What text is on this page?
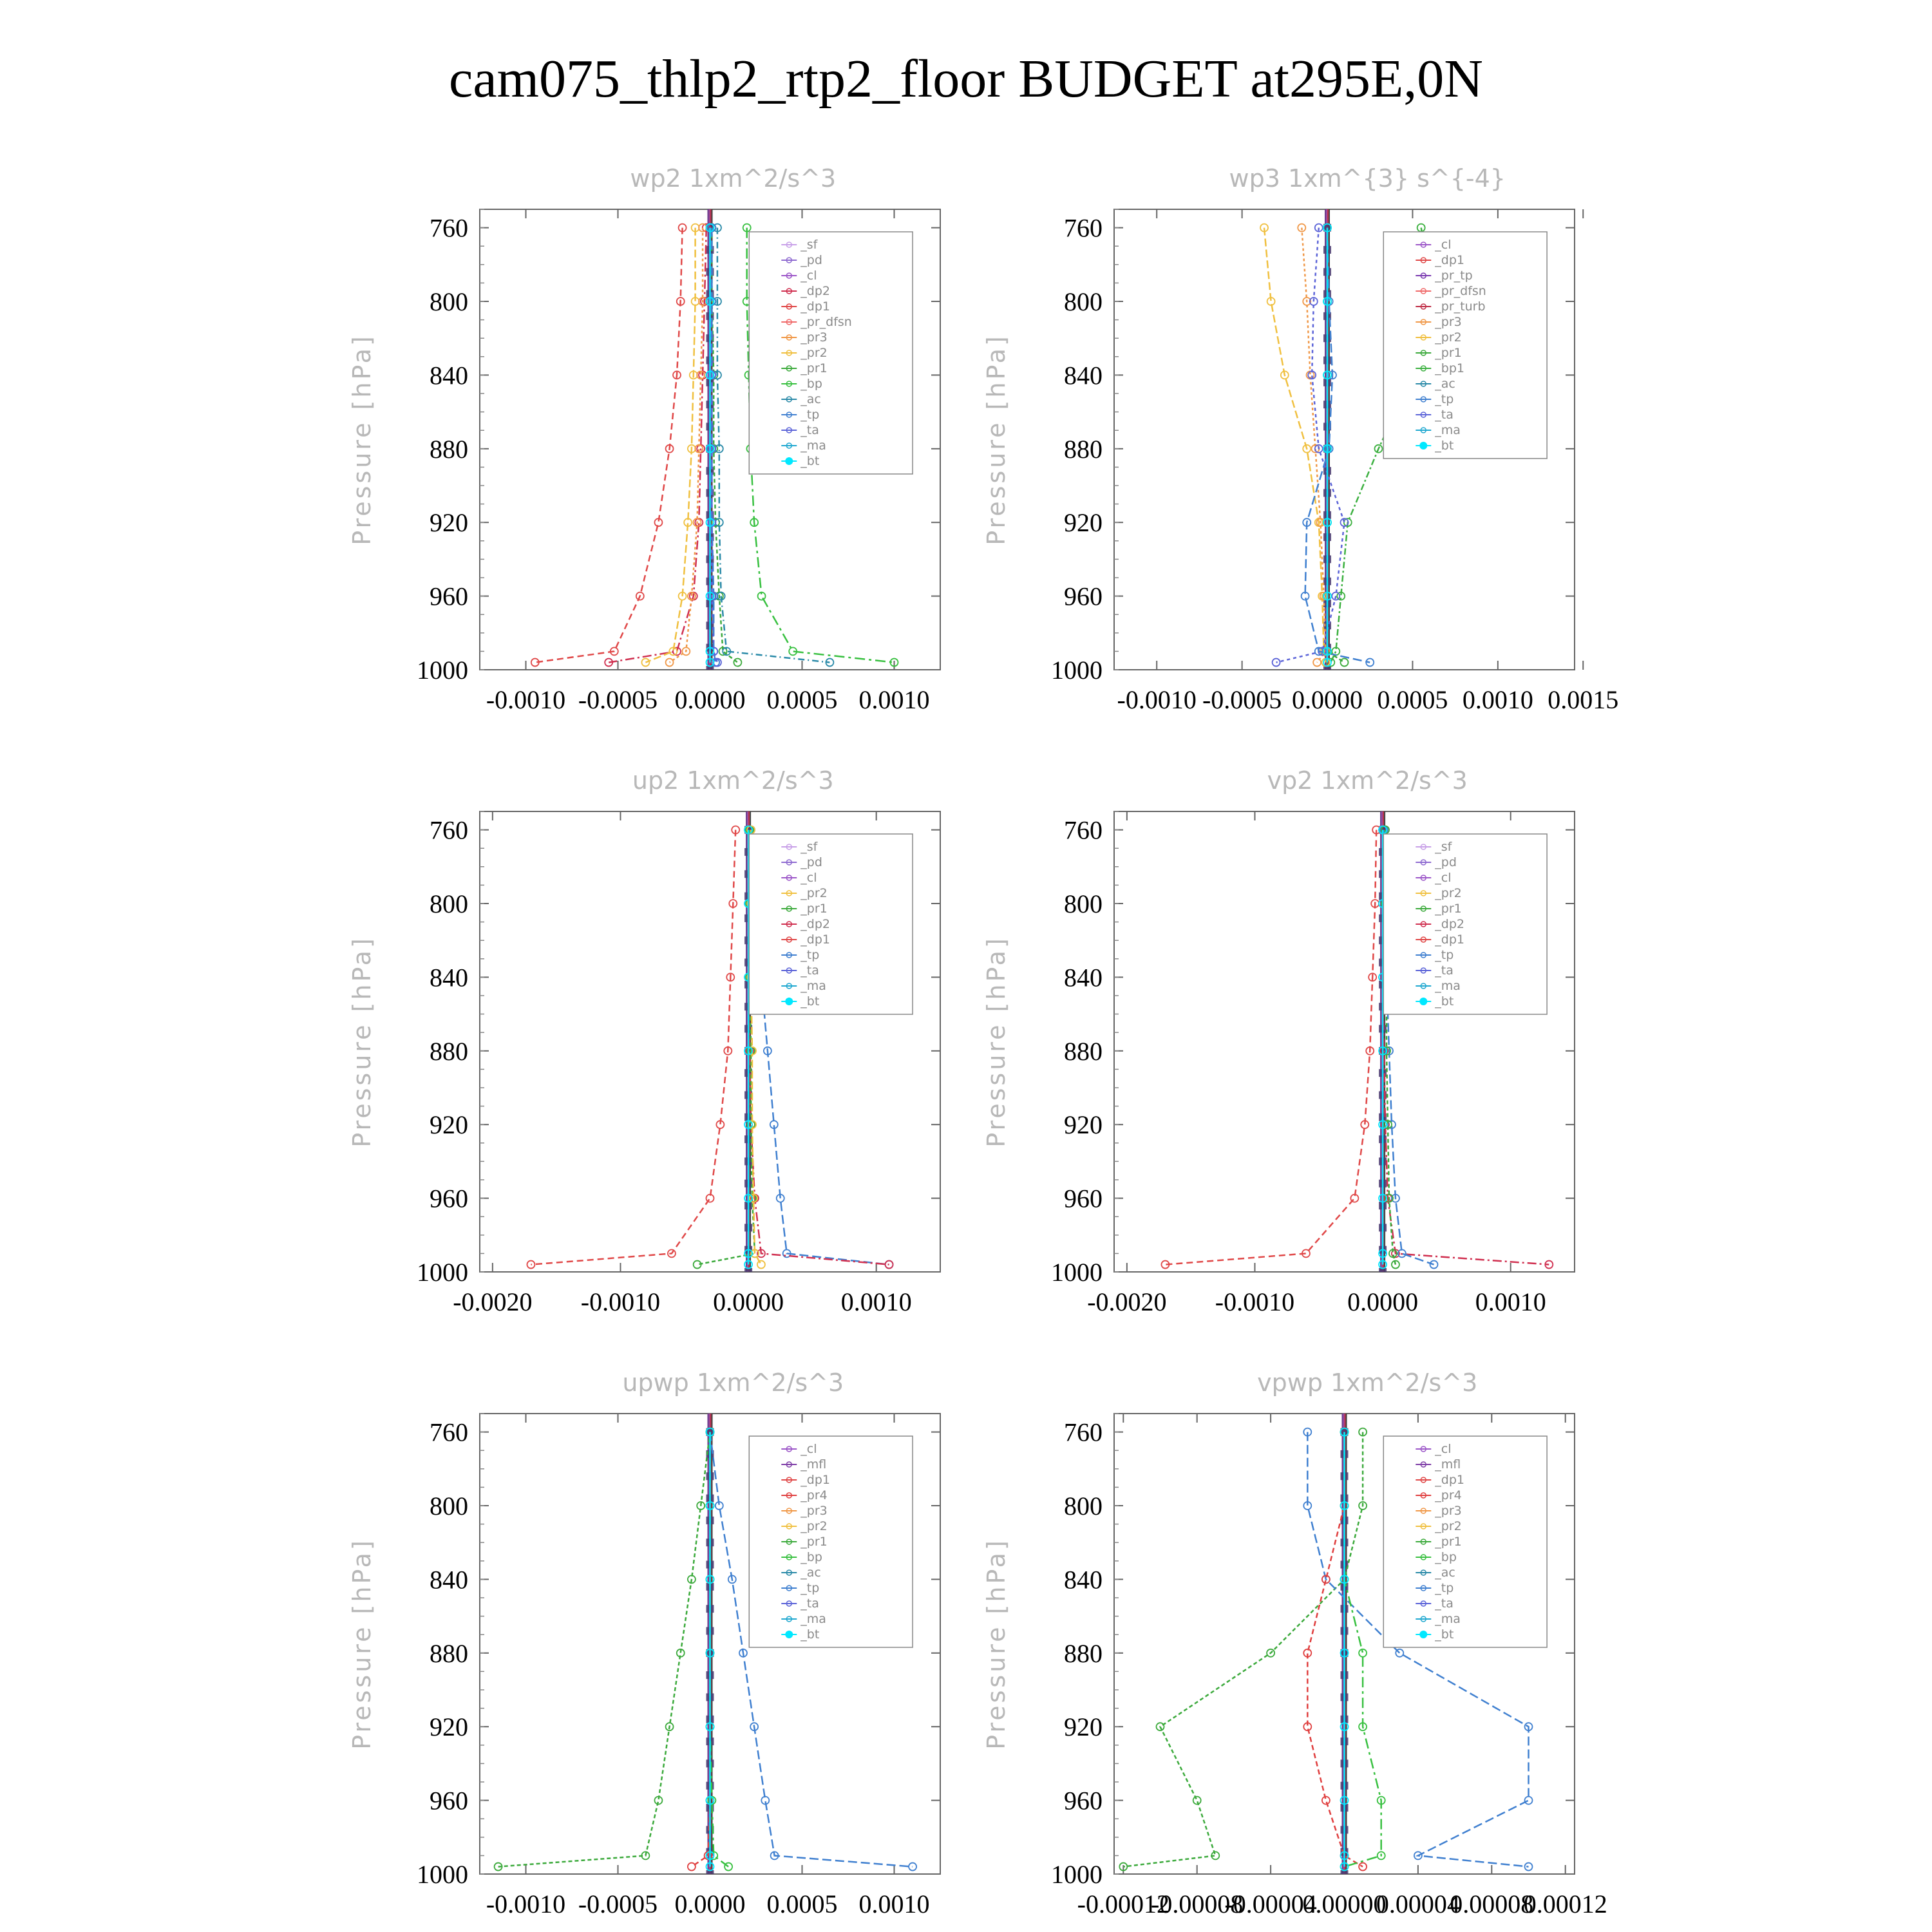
cam075_thlp2_rtp2_floor BUDGET at295E,0N
wp2 1xm^2/s^3
Pressure [hPa]
760
800
840
880
920
960
1000
-0.0010 -0.0005 0.0000 0.0005 0.0010
_sf
_pd
_cl
_dp2
_dp1
_pr_dfsn
_pr3
_pr2
_pr1
_bp
_ac
_tp
_ta
_ma
_bt
wp3 1xm^{3} s^{-4}
Pressure [hPa]
760
800
840
880
920
960
1000
-0.0010 -0.0005 0.0000 0.0005 0.0010 0.0015
_cl
_dp1
_pr_tp
_pr_dfsn
_pr_turb
_pr3
_pr2
_pr1
_bp1
_ac
_tp
_ta
_ma
_bt
up2 1xm^2/s^3
Pressure [hPa]
760
800
840
880
920
960
1000
-0.0020 -0.0010 0.0000 0.0010
_sf
_pd
_cl
_pr2
_pr1
_dp2
_dp1
_tp
_ta
_ma
_bt
vp2 1xm^2/s^3
Pressure [hPa]
760
800
840
880
920
960
1000
-0.0020 -0.0010 0.0000 0.0010
_sf
_pd
_cl
_pr2
_pr1
_dp2
_dp1
_tp
_ta
_ma
_bt
upwp 1xm^2/s^3
Pressure [hPa]
760
800
840
880
920
960
1000
-0.0010 -0.0005 0.0000 0.0005 0.0010
_cl
_mfl
_dp1
_pr4
_pr3
_pr2
_pr1
_bp
_ac
_tp
_ta
_ma
_bt
vpwp 1xm^2/s^3
Pressure [hPa]
760
800
840
880
920
960
1000
-0.00012
-0.00008
-0.00004
0.00000
0.00004
0.00008
0.00012
_cl
_mfl
_dp1
_pr4
_pr3
_pr2
_pr1
_bp
_ac
_tp
_ta
_ma
_bt
